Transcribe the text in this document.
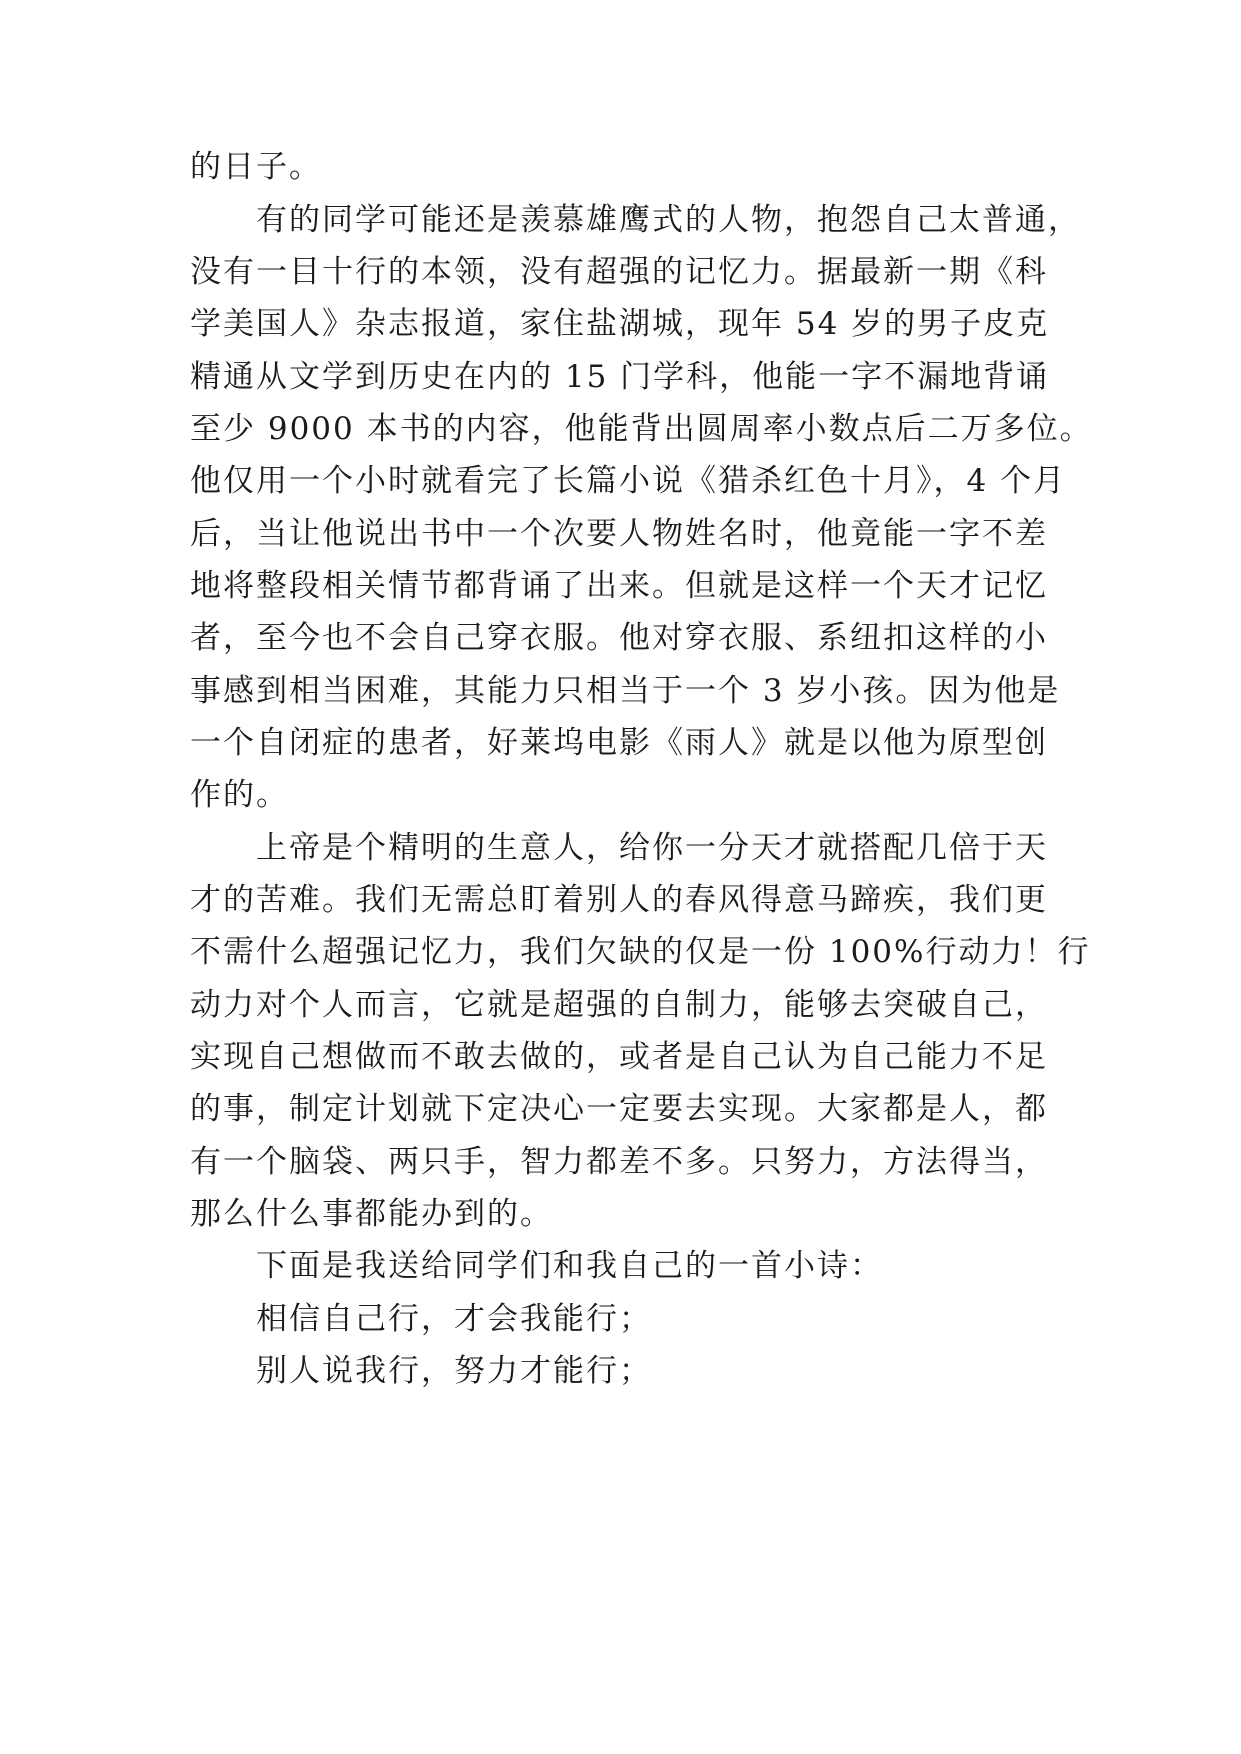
的日子。
有的同学可能还是羡慕雄鹰式的人物，抱怨自己太普通，
没有一目十行的本领，没有超强的记忆力。据最新一期《科
学美国人》杂志报道，家住盐湖城，现年 54 岁的男子皮克
精通从文学到历史在内的 15 门学科，他能一字不漏地背诵
至少 9000 本书的内容，他能背出圆周率小数点后二万多位。
他仅用一个小时就看完了长篇小说《猎杀红色十月》，4 个月
后，当让他说出书中一个次要人物姓名时，他竟能一字不差
地将整段相关情节都背诵了出来。但就是这样一个天才记忆
者，至今也不会自己穿衣服。他对穿衣服、系纽扣这样的小
事感到相当困难，其能力只相当于一个 3 岁小孩。因为他是
一个自闭症的患者，好莱坞电影《雨人》就是以他为原型创
作的。
上帝是个精明的生意人，给你一分天才就搭配几倍于天
才的苦难。我们无需总盯着别人的春风得意马蹄疾，我们更
不需什么超强记忆力，我们欠缺的仅是一份 100%行动力！行
动力对个人而言，它就是超强的自制力，能够去突破自己，
实现自己想做而不敢去做的，或者是自己认为自己能力不足
的事，制定计划就下定决心一定要去实现。大家都是人，都
有一个脑袋、两只手，智力都差不多。只努力，方法得当，
那么什么事都能办到的。
下面是我送给同学们和我自己的一首小诗：
相信自己行，才会我能行；
别人说我行，努力才能行；
